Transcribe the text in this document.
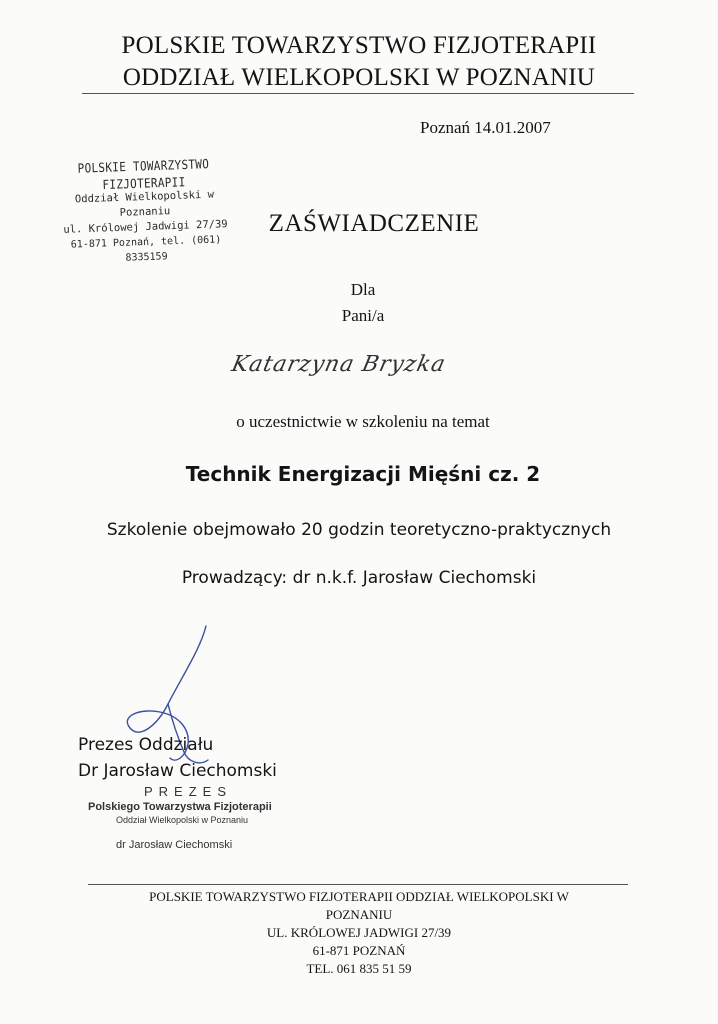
POLSKIE TOWARZYSTWO FIZJOTERAPII
ODDZIAŁ WIELKOPOLSKI W POZNANIU
Poznań 14.01.2007
POLSKIE TOWARZYSTWO FIZJOTERAPII
Oddział Wielkopolski w Poznaniu
ul. Królowej Jadwigi 27/39
61-871 Poznań, tel. (061) 8335159
ZAŚWIADCZENIE
Dla
Pani/a
Katarzyna Bryzka
o uczestnictwie w szkoleniu na temat
Technik Energizacji Mięśni cz. 2
Szkolenie obejmowało 20 godzin teoretyczno-praktycznych
Prowadzący: dr n.k.f. Jarosław Ciechomski
Prezes Oddziału
Dr Jarosław Ciechomski
PREZES
Polskiego Towarzystwa Fizjoterapii
Oddział Wielkopolski w Poznaniu
dr Jarosław Ciechomski
POLSKIE TOWARZYSTWO FIZJOTERAPII ODDZIAŁ WIELKOPOLSKI W
POZNANIU
UL. KRÓLOWEJ JADWIGI 27/39
61-871 POZNAŃ
TEL. 061 835 51 59
